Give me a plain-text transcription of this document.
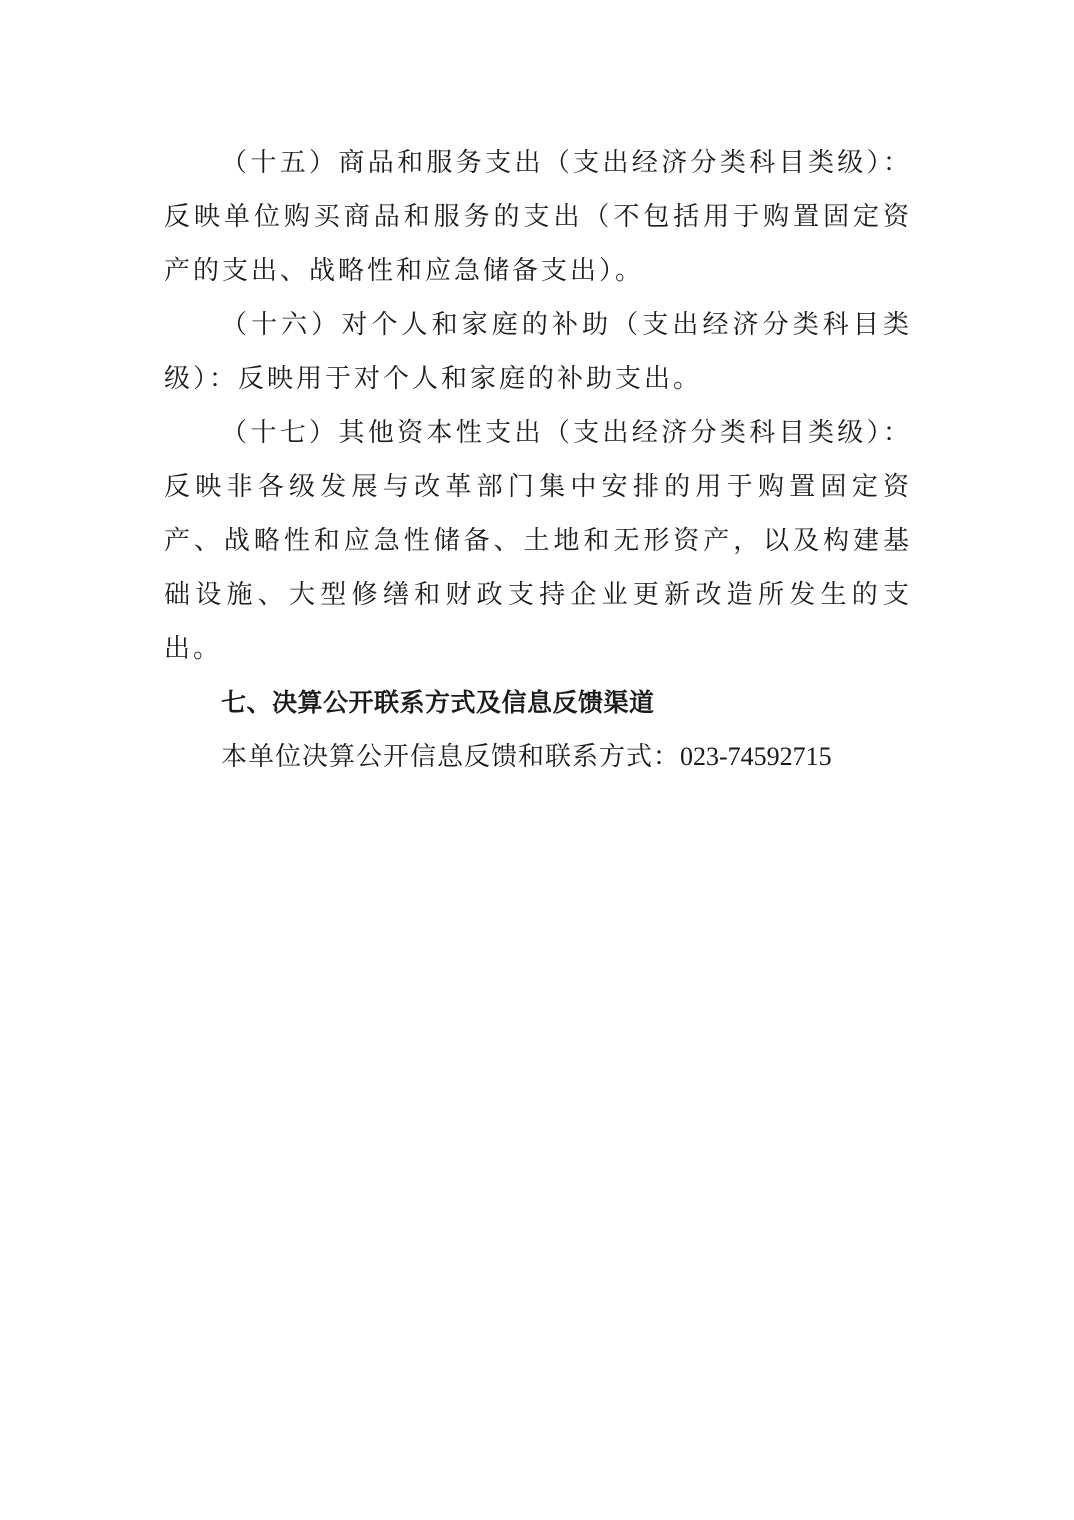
（十五）商品和服务支出（支出经济分类科目类级）：反映单位购买商品和服务的支出（不包括用于购置固定资产的支出、战略性和应急储备支出）。

（十六）对个人和家庭的补助（支出经济分类科目类级）：反映用于对个人和家庭的补助支出。

（十七）其他资本性支出（支出经济分类科目类级）：反映非各级发展与改革部门集中安排的用于购置固定资产、战略性和应急性储备、土地和无形资产，以及构建基础设施、大型修缮和财政支持企业更新改造所发生的支出。

七、决算公开联系方式及信息反馈渠道

本单位决算公开信息反馈和联系方式：023-74592715
